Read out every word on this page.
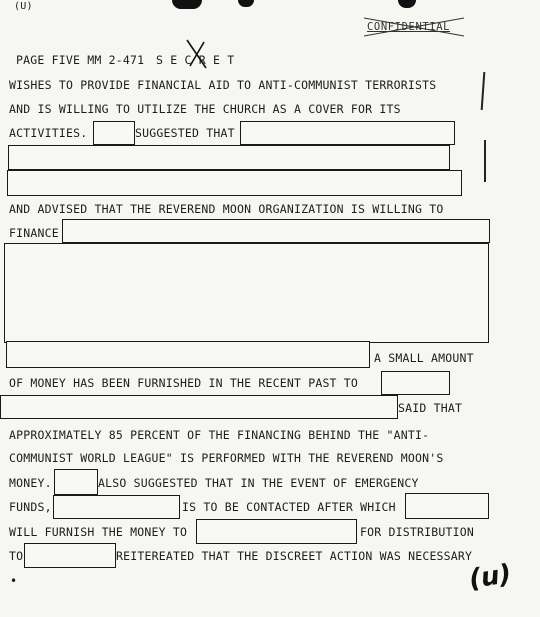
(U)
CONFIDENTIAL
PAGE FIVE MM 2-471 S E C R E T
WISHES TO PROVIDE FINANCIAL AID TO ANTI-COMMUNIST TERRORISTS
AND IS WILLING TO UTILIZE THE CHURCH AS A COVER FOR ITS
ACTIVITIES.	SUGGESTED THAT
AND ADVISED THAT THE REVEREND MOON ORGANIZATION IS WILLING TO
FINANCE
A SMALL AMOUNT
OF MONEY HAS BEEN FURNISHED IN THE RECENT PAST TO
SAID THAT
APPROXIMATELY 85 PERCENT OF THE FINANCING BEHIND THE "ANTI-
COMMUNIST WORLD LEAGUE" IS PERFORMED WITH THE REVEREND MOON'S
MONEY.	ALSO SUGGESTED THAT IN THE EVENT OF EMERGENCY
FUNDS,	IS TO BE CONTACTED AFTER WHICH
WILL FURNISH THE MONEY TO	FOR DISTRIBUTION
TO	REITEREATED THAT THE DISCREET ACTION WAS NECESSARY
•	(u)
